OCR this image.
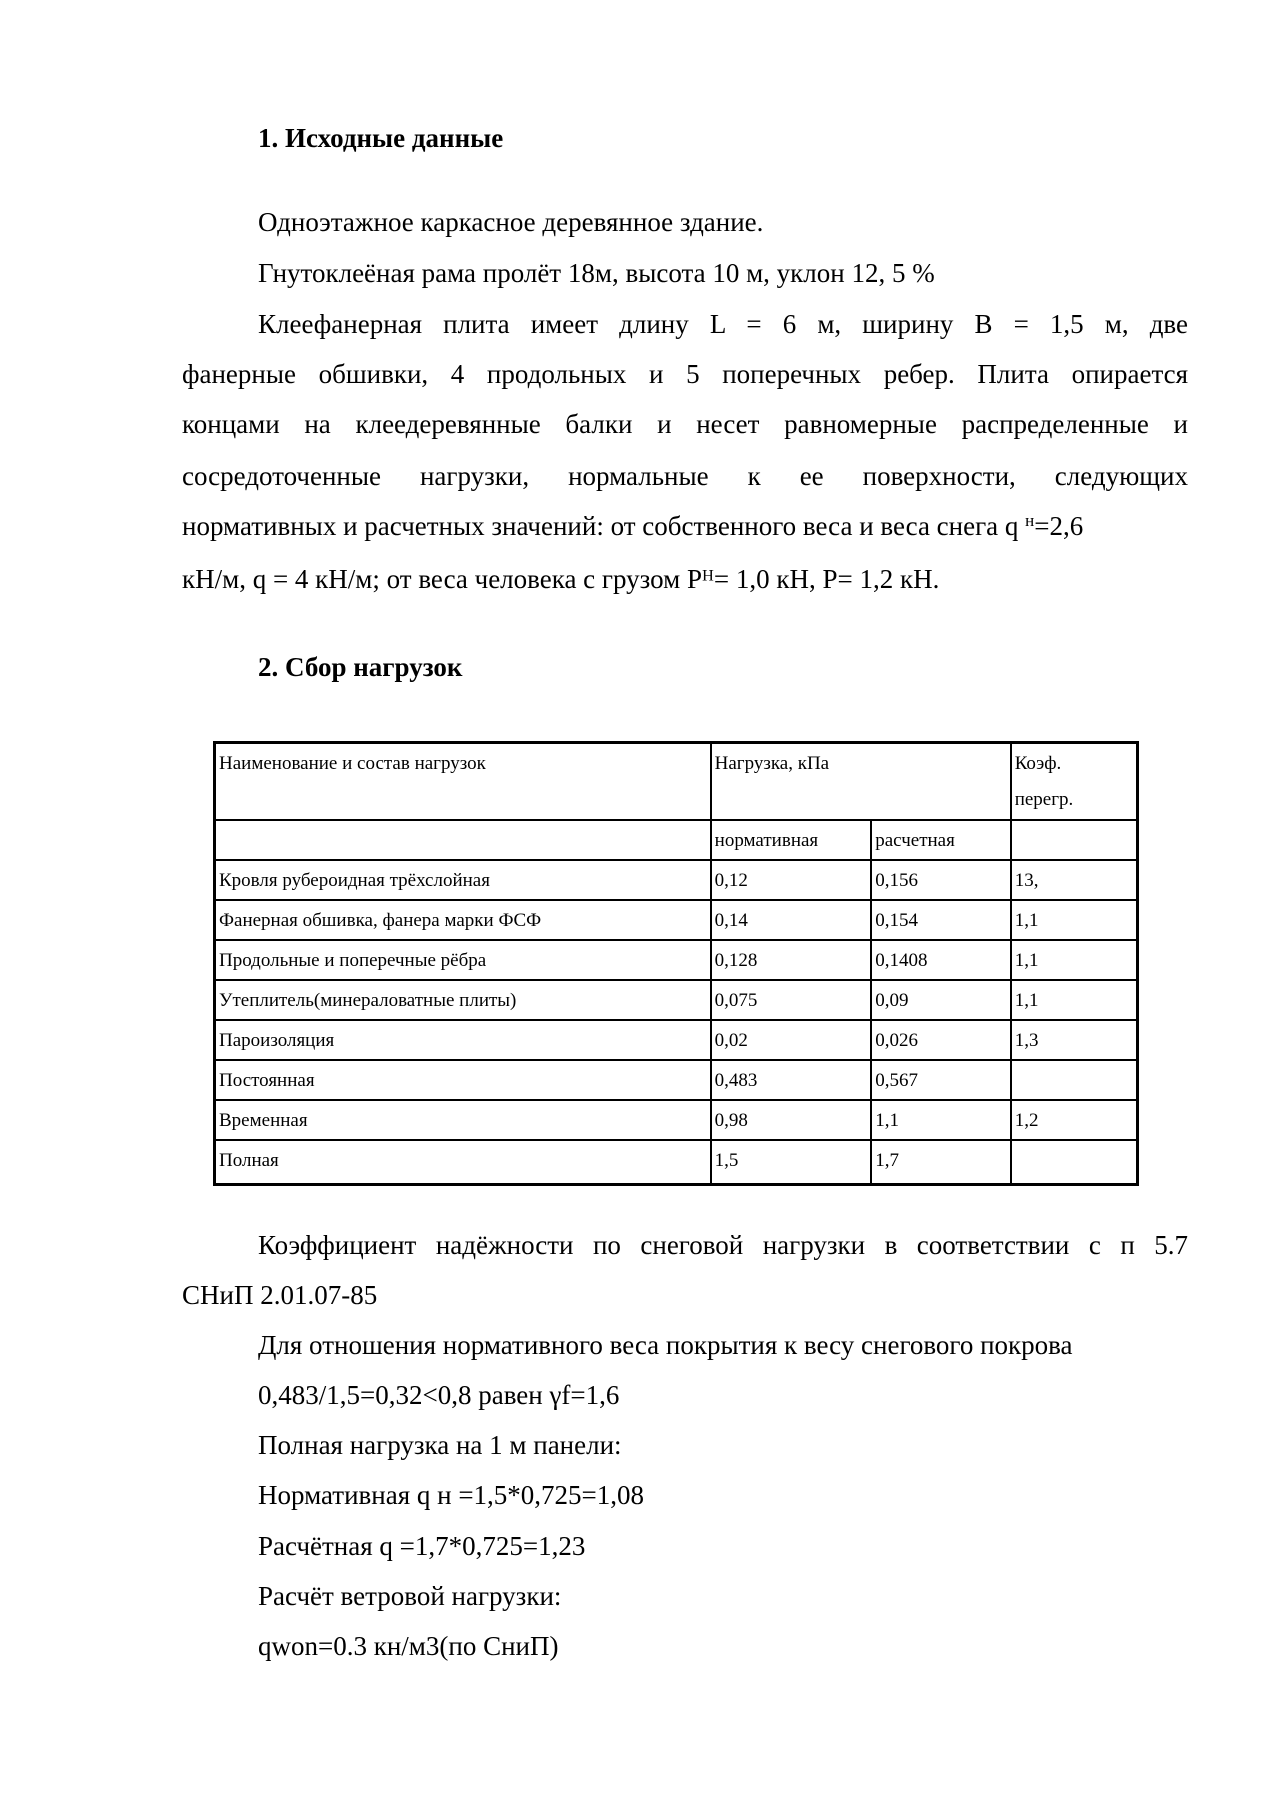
1. Исходные данные
Одноэтажное каркасное деревянное здание.
Гнутоклеёная рама пролёт 18м, высота 10 м, уклон 12, 5 %
Клеефанерная плита имеет длину L = 6 м, ширину B = 1,5 м, две
фанерные обшивки, 4 продольных и 5 поперечных ребер. Плита опирается
концами на клеедеревянные балки и несет равномерные распределенные и
сосредоточенные нагрузки, нормальные к ее поверхности, следующих
нормативных и расчетных значений: от собственного веса и веса снега q $^н$=2,6
кН/м, q = 4 кН/м; от веса человека с грузом Pᴴ= 1,0 кН, P= 1,2 кН.
2. Сбор нагрузок
Наименование и состав нагрузок	Нагрузка, кПа		Коэф.
перегр.
	нормативная	расчетная	
Кровля рубероидная трёхслойная	0,12	0,156	13,
Фанерная обшивка, фанера марки ФСФ	0,14	0,154	1,1
Продольные и поперечные рёбра	0,128	0,1408	1,1
Утеплитель(минераловатные плиты)	0,075	0,09	1,1
Пароизоляция	0,02	0,026	1,3
Постоянная	0,483	0,567	
Временная	0,98	1,1	1,2
Полная	1,5	1,7	
Коэффициент надёжности по снеговой нагрузки в соответствии с п 5.7
СНиП 2.01.07-85
Для отношения нормативного веса покрытия к весу снегового покрова
0,483/1,5=0,32<0,8 равен γf=1,6
Полная нагрузка на 1 м панели:
Нормативная q н =1,5*0,725=1,08
Расчётная q =1,7*0,725=1,23
Расчёт ветровой нагрузки:
qwon=0.3 кн/м3(по СниП)
